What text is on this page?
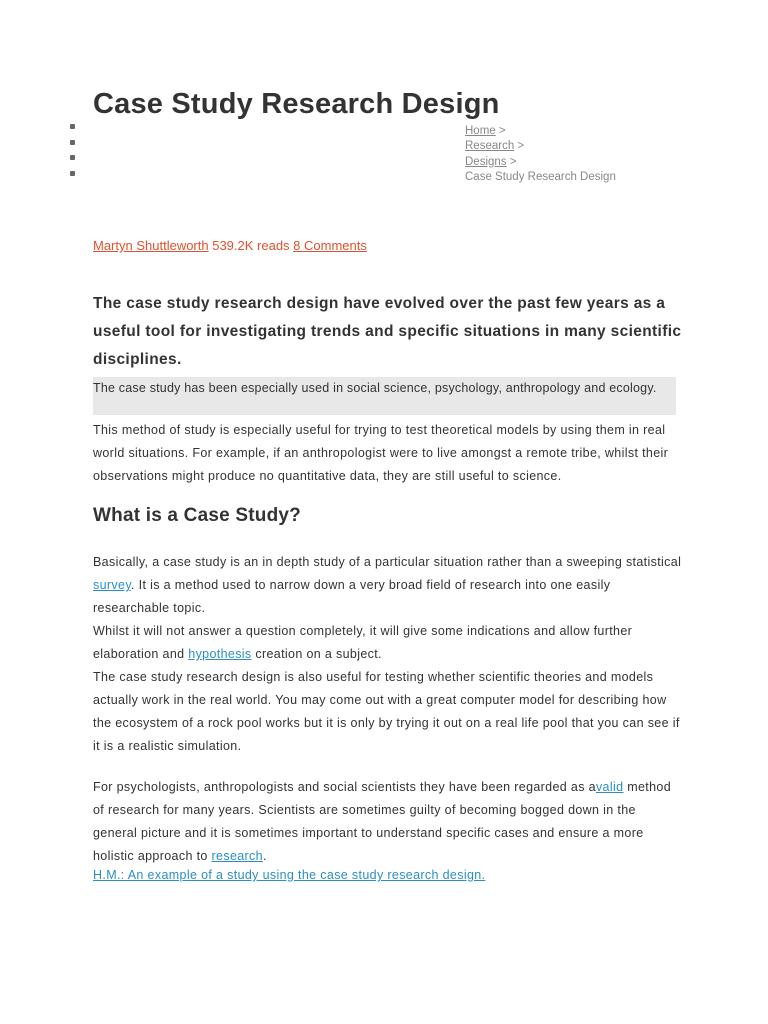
Case Study Research Design
Home >
Research >
Designs >
Case Study Research Design
Martyn Shuttleworth 539.2K reads 8 Comments

The case study research design have evolved over the past few years as a useful tool for investigating trends and specific situations in many scientific disciplines.

The case study has been especially used in social science, psychology, anthropology and ecology.

This method of study is especially useful for trying to test theoretical models by using them in real world situations. For example, if an anthropologist were to live amongst a remote tribe, whilst their observations might produce no quantitative data, they are still useful to science.

What is a Case Study?

Basically, a case study is an in depth study of a particular situation rather than a sweeping statistical survey. It is a method used to narrow down a very broad field of research into one easily researchable topic.

Whilst it will not answer a question completely, it will give some indications and allow further elaboration and hypothesis creation on a subject.

The case study research design is also useful for testing whether scientific theories and models actually work in the real world. You may come out with a great computer model for describing how the ecosystem of a rock pool works but it is only by trying it out on a real life pool that you can see if it is a realistic simulation.

For psychologists, anthropologists and social scientists they have been regarded as avalid method of research for many years. Scientists are sometimes guilty of becoming bogged down in the general picture and it is sometimes important to understand specific cases and ensure a more holistic approach to research.

H.M.: An example of a study using the case study research design.
